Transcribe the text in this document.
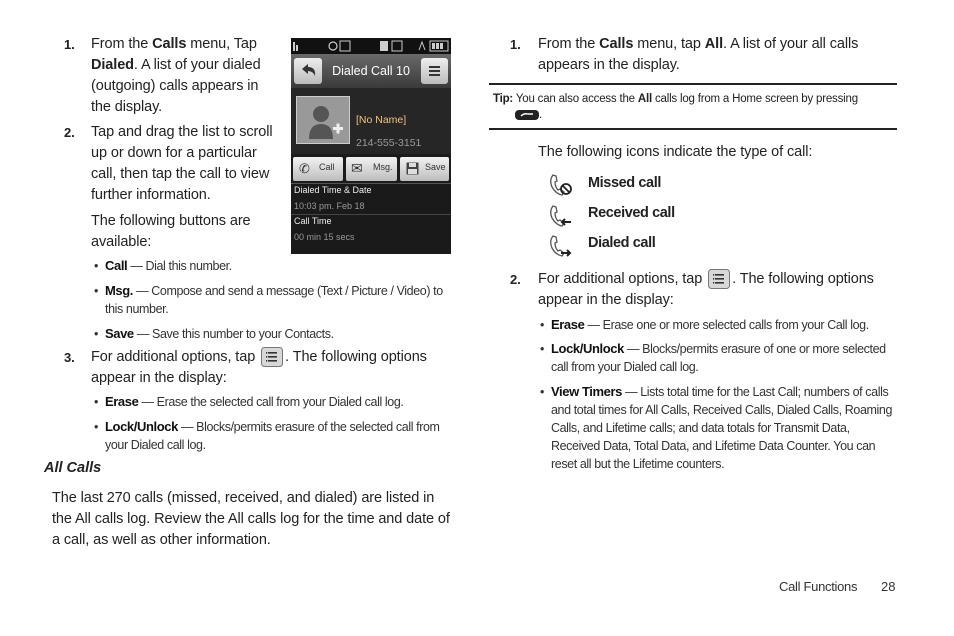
1. From the Calls menu, Tap Dialed. A list of your dialed (outgoing) calls appears in the display.
2. Tap and drag the list to scroll up or down for a particular call, then tap the call to view further information.
The following buttons are available:
• Call — Dial this number.
• Msg. — Compose and send a message (Text / Picture / Video) to this number.
• Save — Save this number to your Contacts.
3. For additional options, tap . The following options appear in the display:
• Erase — Erase the selected call from your Dialed call log.
• Lock/Unlock — Blocks/permits erasure of the selected call from your Dialed call log.
All Calls
The last 270 calls (missed, received, and dialed) are listed in the All calls log. Review the All calls log for the time and date of a call, as well as other information.
Dialed Call 10
[No Name]
214-555-3151
✆ Call ✉ Msg.	Save
Dialed Time & Date
10:03 pm. Feb 18
Call Time
00 min 15 secs
1. From the Calls menu, tap All. A list of your all calls appears in the display.
Tip: You can also access the All calls log from a Home screen by pressing
.
The following icons indicate the type of call:
Missed call
Received call
Dialed call
2. For additional options, tap . The following options appear in the display:
• Erase — Erase one or more selected calls from your Call log.
• Lock/Unlock — Blocks/permits erasure of one or more selected call from your Dialed call log.
• View Timers — Lists total time for the Last Call; numbers of calls and total times for All Calls, Received Calls, Dialed Calls, Roaming Calls, and Lifetime calls; and data totals for Transmit Data, Received Data, Total Data, and Lifetime Data Counter. You can reset all but the Lifetime counters.
Call Functions 28
